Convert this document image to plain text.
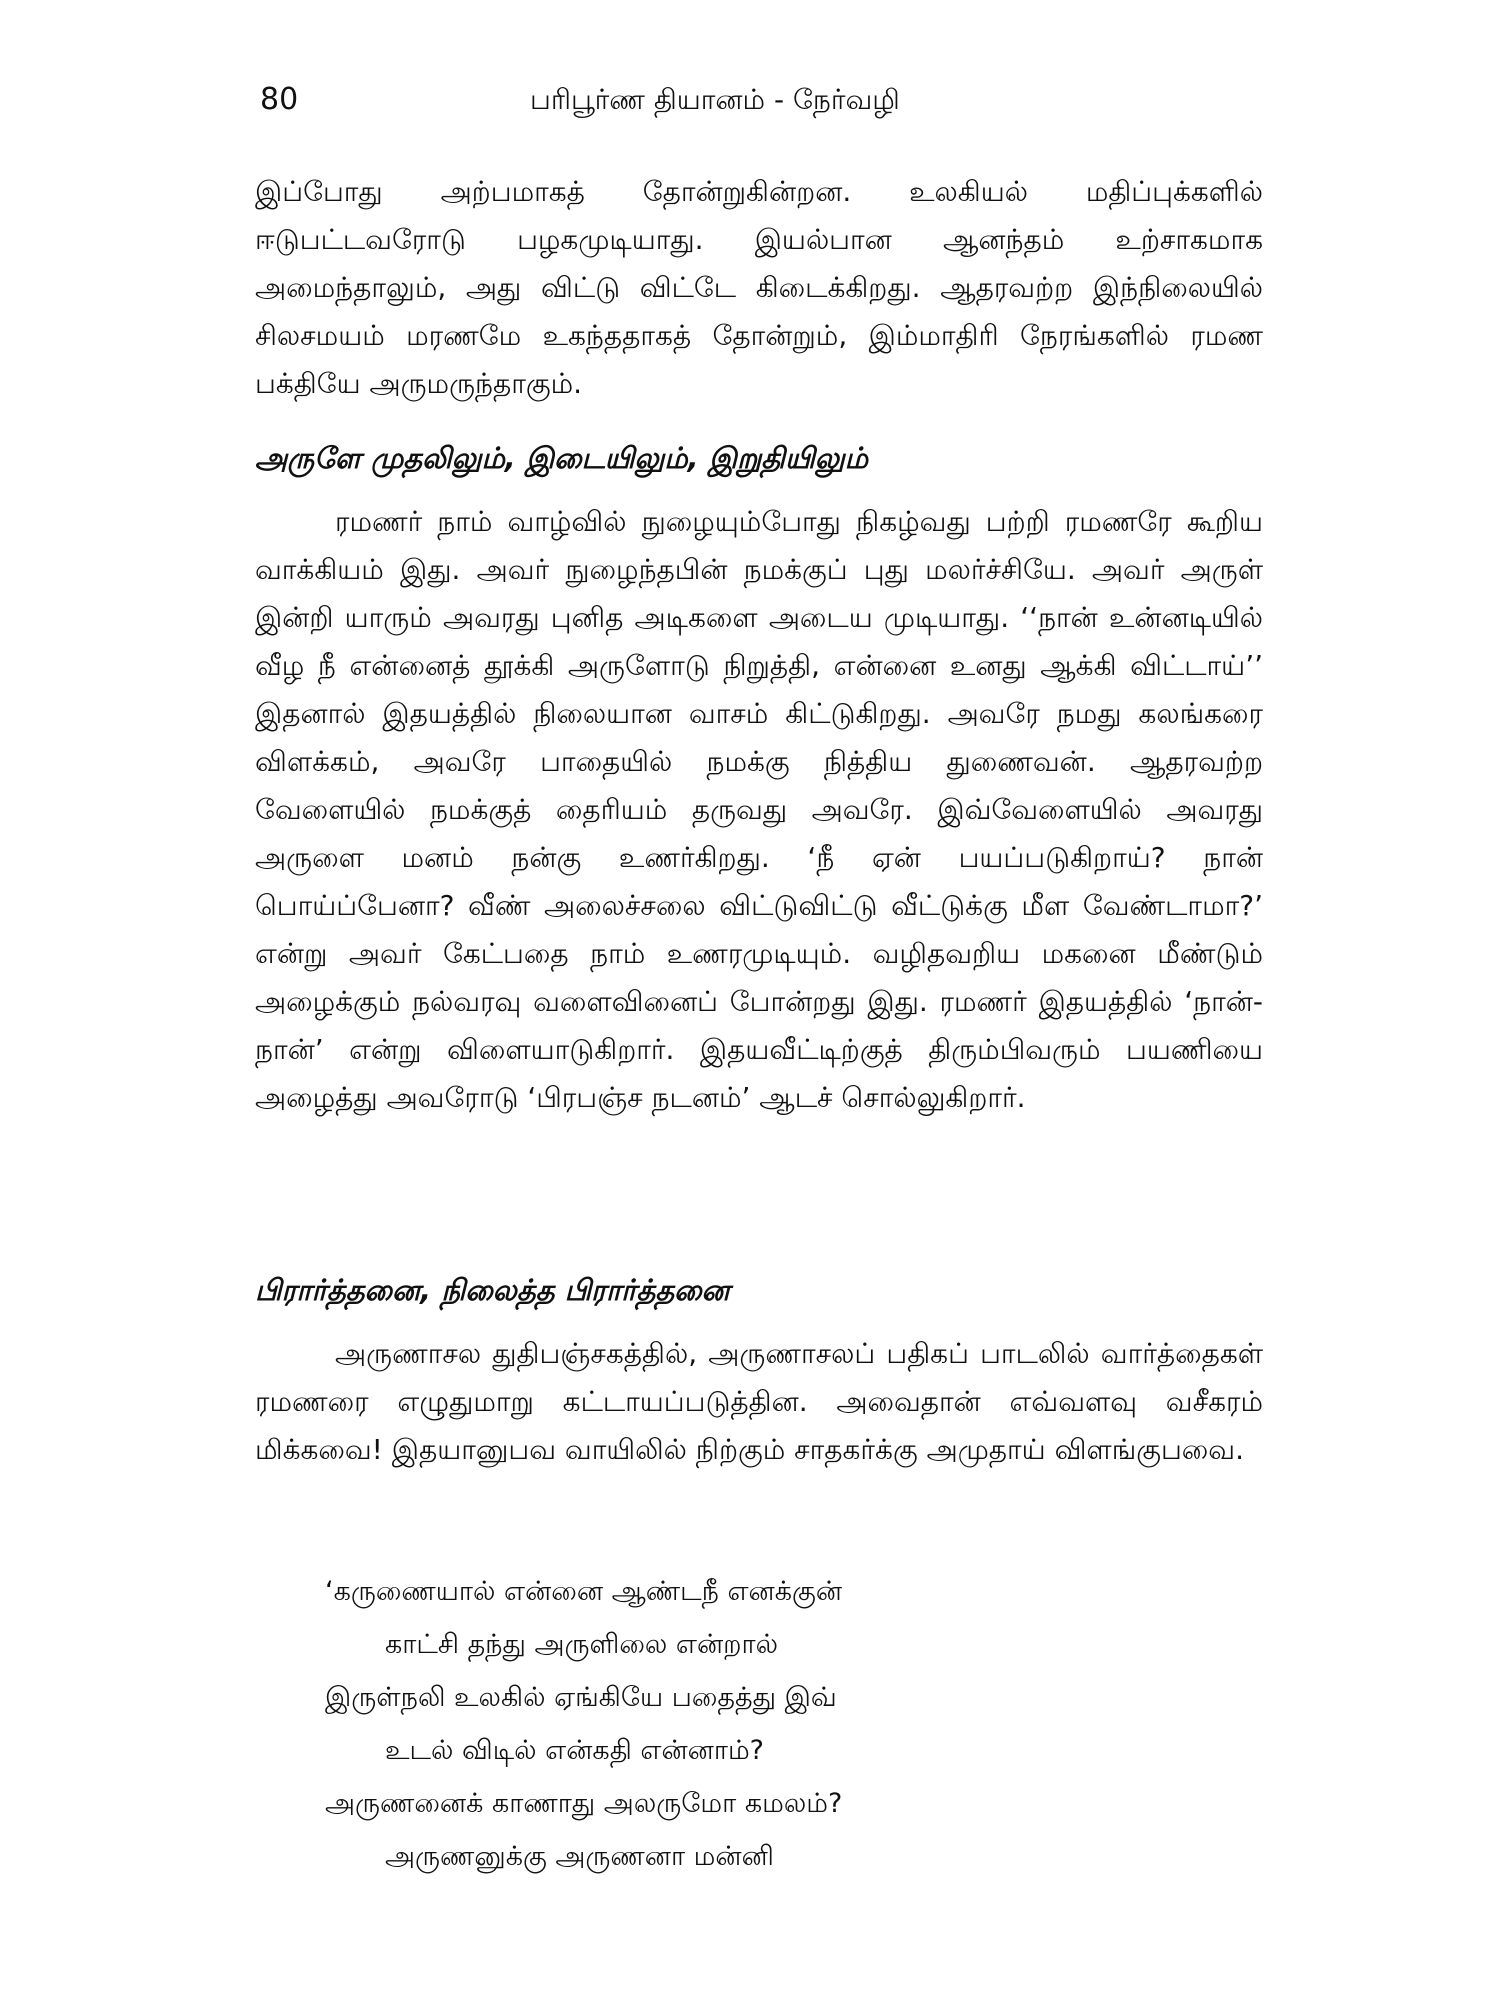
80	பரிபூர்ண தியானம் - நேர்வழி

இப்போது அற்பமாகத் தோன்றுகின்றன. உலகியல் மதிப்புக்களில் ஈடுபட்டவரோடு பழகமுடியாது. இயல்பான ஆனந்தம் உற்சாகமாக அமைந்தாலும், அது விட்டு விட்டே கிடைக்கிறது. ஆதரவற்ற இந்நிலையில் சிலசமயம் மரணமே உகந்ததாகத் தோன்றும், இம்மாதிரி நேரங்களில் ரமண பக்தியே அருமருந்தாகும்.

அருளே முதலிலும், இடையிலும், இறுதியிலும்

ரமணர் நாம் வாழ்வில் நுழையும்போது நிகழ்வது பற்றி ரமணரே கூறிய வாக்கியம் இது. அவர் நுழைந்தபின் நமக்குப் புது மலர்ச்சியே. அவர் அருள் இன்றி யாரும் அவரது புனித அடிகளை அடைய முடியாது. ‘‘நான் உன்னடியில் வீழ நீ என்னைத் தூக்கி அருளோடு நிறுத்தி, என்னை உனது ஆக்கி விட்டாய்’’ இதனால் இதயத்தில் நிலையான வாசம் கிட்டுகிறது. அவரே நமது கலங்கரை விளக்கம், அவரே பாதையில் நமக்கு நித்திய துணைவன். ஆதரவற்ற வேளையில் நமக்குத் தைரியம் தருவது அவரே. இவ்வேளையில் அவரது அருளை மனம் நன்கு உணர்கிறது. ‘நீ ஏன் பயப்படுகிறாய்? நான் பொய்ப்பேனா? வீண் அலைச்சலை விட்டுவிட்டு வீட்டுக்கு மீள வேண்டாமா?’ என்று அவர் கேட்பதை நாம் உணரமுடியும். வழிதவறிய மகனை மீண்டும் அழைக்கும் நல்வரவு வளைவினைப் போன்றது இது. ரமணர் இதயத்தில் ‘நான்-நான்’ என்று விளையாடுகிறார். இதயவீட்டிற்குத் திரும்பிவரும் பயணியை அழைத்து அவரோடு ‘பிரபஞ்ச நடனம்’ ஆடச் சொல்லுகிறார்.

பிரார்த்தனை, நிலைத்த பிரார்த்தனை

அருணாசல துதிபஞ்சகத்தில், அருணாசலப் பதிகப் பாடலில் வார்த்தைகள் ரமணரை எழுதுமாறு கட்டாயப்படுத்தின. அவைதான் எவ்வளவு வசீகரம் மிக்கவை! இதயானுபவ வாயிலில் நிற்கும் சாதகர்க்கு அமுதாய் விளங்குபவை.

‘கருணையால் என்னை ஆண்டநீ எனக்குன்
காட்சி தந்து அருளிலை என்றால்
இருள்நலி உலகில் ஏங்கியே பதைத்து இவ்
உடல் விடில் என்கதி என்னாம்?
அருணனைக் காணாது அலருமோ கமலம்?
அருணனுக்கு அருணனா மன்னி
